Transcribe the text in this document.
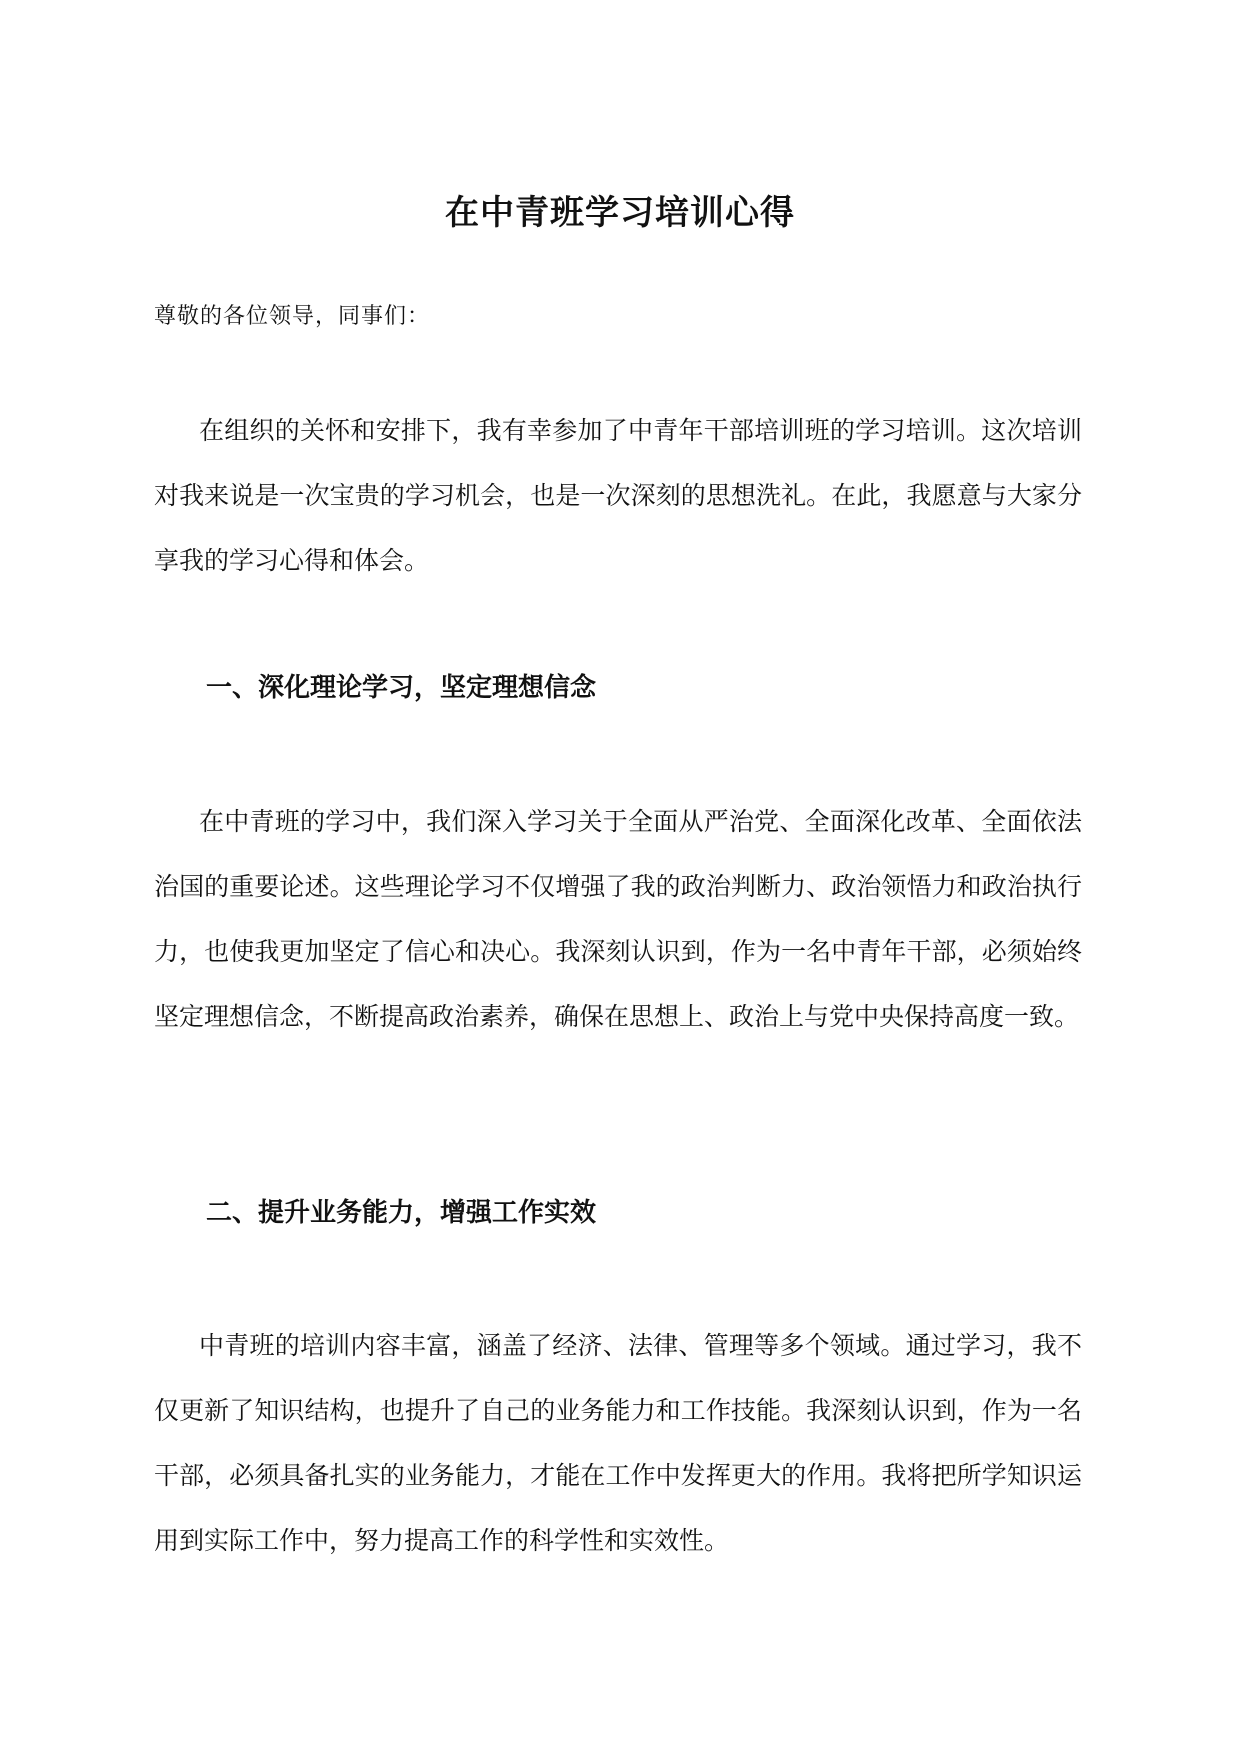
在中青班学习培训心得
尊敬的各位领导，同事们：

在组织的关怀和安排下，我有幸参加了中青年干部培训班的学习培训。这次培训对我来说是一次宝贵的学习机会，也是一次深刻的思想洗礼。在此，我愿意与大家分享我的学习心得和体会。

一、深化理论学习，坚定理想信念

在中青班的学习中，我们深入学习关于全面从严治党、全面深化改革、全面依法治国的重要论述。这些理论学习不仅增强了我的政治判断力、政治领悟力和政治执行力，也使我更加坚定了信心和决心。我深刻认识到，作为一名中青年干部，必须始终坚定理想信念，不断提高政治素养，确保在思想上、政治上与党中央保持高度一致。

二、提升业务能力，增强工作实效

中青班的培训内容丰富，涵盖了经济、法律、管理等多个领域。通过学习，我不仅更新了知识结构，也提升了自己的业务能力和工作技能。我深刻认识到，作为一名干部，必须具备扎实的业务能力，才能在工作中发挥更大的作用。我将把所学知识运用到实际工作中，努力提高工作的科学性和实效性。
